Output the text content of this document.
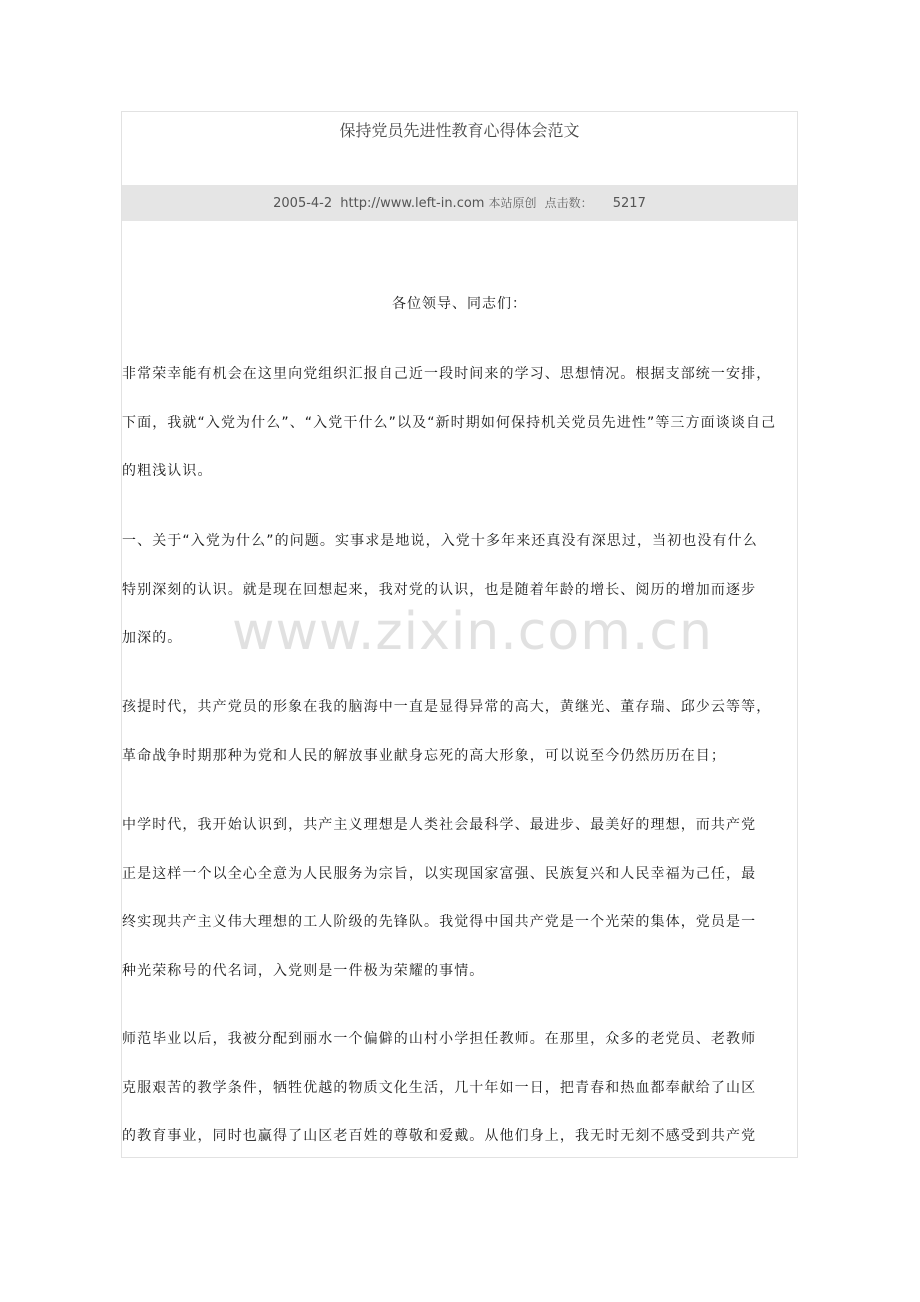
保持党员先进性教育心得体会范文
2005-4-2 http://www.left-in.com 本站原创 点击数： 5217
各位领导、同志们：
非常荣幸能有机会在这里向党组织汇报自己近一段时间来的学习、思想情况。根据支部统一安排，
下面，我就“入党为什么”、“入党干什么”以及“新时期如何保持机关党员先进性”等三方面谈谈自己
的粗浅认识。
一、关于“入党为什么”的问题。实事求是地说，入党十多年来还真没有深思过，当初也没有什么
特别深刻的认识。就是现在回想起来，我对党的认识，也是随着年龄的增长、阅历的增加而逐步
加深的。
孩提时代，共产党员的形象在我的脑海中一直是显得异常的高大，黄继光、董存瑞、邱少云等等，
革命战争时期那种为党和人民的解放事业献身忘死的高大形象，可以说至今仍然历历在目；
中学时代，我开始认识到，共产主义理想是人类社会最科学、最进步、最美好的理想，而共产党
正是这样一个以全心全意为人民服务为宗旨，以实现国家富强、民族复兴和人民幸福为己任，最
终实现共产主义伟大理想的工人阶级的先锋队。我觉得中国共产党是一个光荣的集体，党员是一
种光荣称号的代名词，入党则是一件极为荣耀的事情。
师范毕业以后，我被分配到丽水一个偏僻的山村小学担任教师。在那里，众多的老党员、老教师
克服艰苦的教学条件，牺牲优越的物质文化生活，几十年如一日，把青春和热血都奉献给了山区
的教育事业，同时也赢得了山区老百姓的尊敬和爱戴。从他们身上，我无时无刻不感受到共产党
www.zixin.com.cn
